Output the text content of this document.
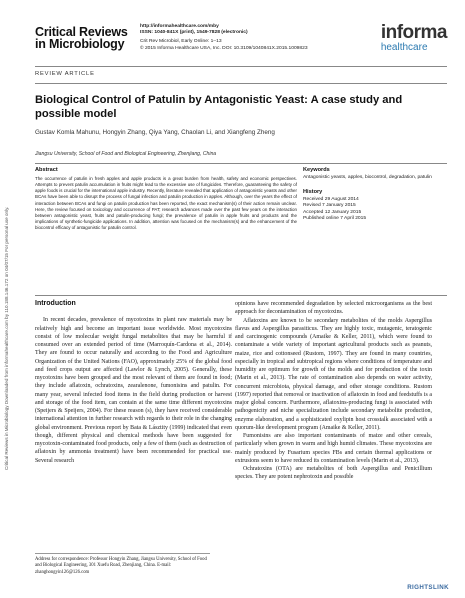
Critical Reviews in Microbiology Downloaded from informahealthcare.com by 110.188.146.172 on 04/07/15 For personal use only.
Critical Reviews
in Microbiology
http://informahealthcare.com/mby
ISSN: 1040-841X (print), 1549-7828 (electronic)
Crit Rev Microbiol, Early Online: 1–13
© 2015 Informa Healthcare USA, Inc. DOI: 10.3109/1040841X.2015.1009823
informa
healthcare
REVIEW ARTICLE
Biological Control of Patulin by Antagonistic Yeast: A case study and possible model
Gustav Komla Mahunu, Hongyin Zhang, Qiya Yang, Chaolan Li, and Xiangfeng Zheng
Jiangsu University, School of Food and Biological Engineering, Zhenjiang, China
Abstract
The occurrence of patulin in fresh apples and apple products is a great burden from health, safety and economic perspectives. Attempts to prevent patulin accumulation in fruits might lead to the excessive use of fungicides. Therefore, guaranteeing the safety of apple foods is crucial for the international apple industry. Recently, literature revealed that application of antagonistic yeasts and other BCAs have been able to disrupt the process of fungal infection and patulin production in apples. Although, over the years the effect of interaction between BCAs and fungi on patulin production has been reported, the exact mechanism(s) of their action remain unclear. Here, the review focused on toxicology and occurrence of PAT; research advances made over the past few years on the interaction between antagonistic yeast, fruits and patulin-producing fungi; the prevalence of patulin in apple fruits and products and the implications of synthetic-fungicide applications. In addition, attention was focused on the mechanism(s) and the enhancement of the biocontrol efficacy of antagonistic for patulin control.
Keywords
Antagonistic yeasts, apples, biocontrol, degradation, patulin
History
Received 29 August 2014
Revised 7 January 2015
Accepted 12 January 2015
Published online 7 April 2015
Introduction

In recent decades, prevalence of mycotoxins in plant raw materials may be relatively high and become an important issue worldwide. Most mycotoxins consist of low molecular weight fungal metabolites that may be harmful if consumed over an extended period of time (Marroquín-Cardona et al., 2014). They are found to occur naturally and according to the Food and Agriculture Organization of the United Nations (FAO), approximately 25% of the global food and feed crops output are affected (Lawlor & Lynch, 2005). Generally, these mycotoxins have been grouped and the most relevant of them are found in food; they include aflatoxin, ochratoxins, zearalenone, fumonisins and patulin. For many year, several infected food items in the field during production or harvest and storage of the food item, can contain at the same time different mycotoxins (Speijers & Speijers, 2004). For these reason (s), they have received considerable international attention in further research with regards to their role in the changing global environment. Previous report by Bata & Lásztity (1999) indicated that even though, different physical and chemical methods have been suggested for mycotoxin-contaminated food products, only a few of them (such as destruction of aflatoxin by ammonia treatment) have been recommended for practical use. Several research

opinions have recommended degradation by selected microorganisms as the best approach for decontamination of mycotoxins.

Aflatoxins are known to be secondary metabolites of the molds Aspergillus flavus and Aspergillus parasiticus. They are highly toxic, mutagenic, teratogenic and carcinogenic compounds (Amaike & Keller, 2011), which were found to contaminate a wide variety of important agricultural products such as peanuts, maize, rice and cottonseed (Rustom, 1997). They are found in many countries, especially in tropical and subtropical regions where conditions of temperature and humidity are optimum for growth of the molds and for production of the toxin (Marin et al., 2013). The rate of contamination also depends on water activity, concurrent microbiota, physical damage, and other storage conditions. Rustom (1997) reported that removal or inactivation of aflatoxin in food and feedstuffs is a major global concern. Furthermore, aflatoxins-producing fungi is associated with pathogenicity and niche specialization include secondary metabolite production, enzyme elaboration, and a sophisticated oxylipin host crosstalk associated with a quorum-like development program (Amaike & Keller, 2011).

Fumonisins are also important contaminants of maize and other cereals, particularly when grown in warm and high humid climates. These mycotoxins are mainly produced by Fusarium species FBs and certain thermal applications or extrusions seem to have reduced its contamination levels (Marin et al., 2013).

Ochratoxins (OTA) are metabolites of both Aspergillus and Penicillium species. They are potent nephrotoxin and possible

Address for correspondence: Professor Hongyin Zhang, Jiangsu University, School of Food and Biological Engineering, 301 Xuefu Road, Zhenjiang, China. E-mail: zhanghongyin126@126.com
RIGHTSLINK
